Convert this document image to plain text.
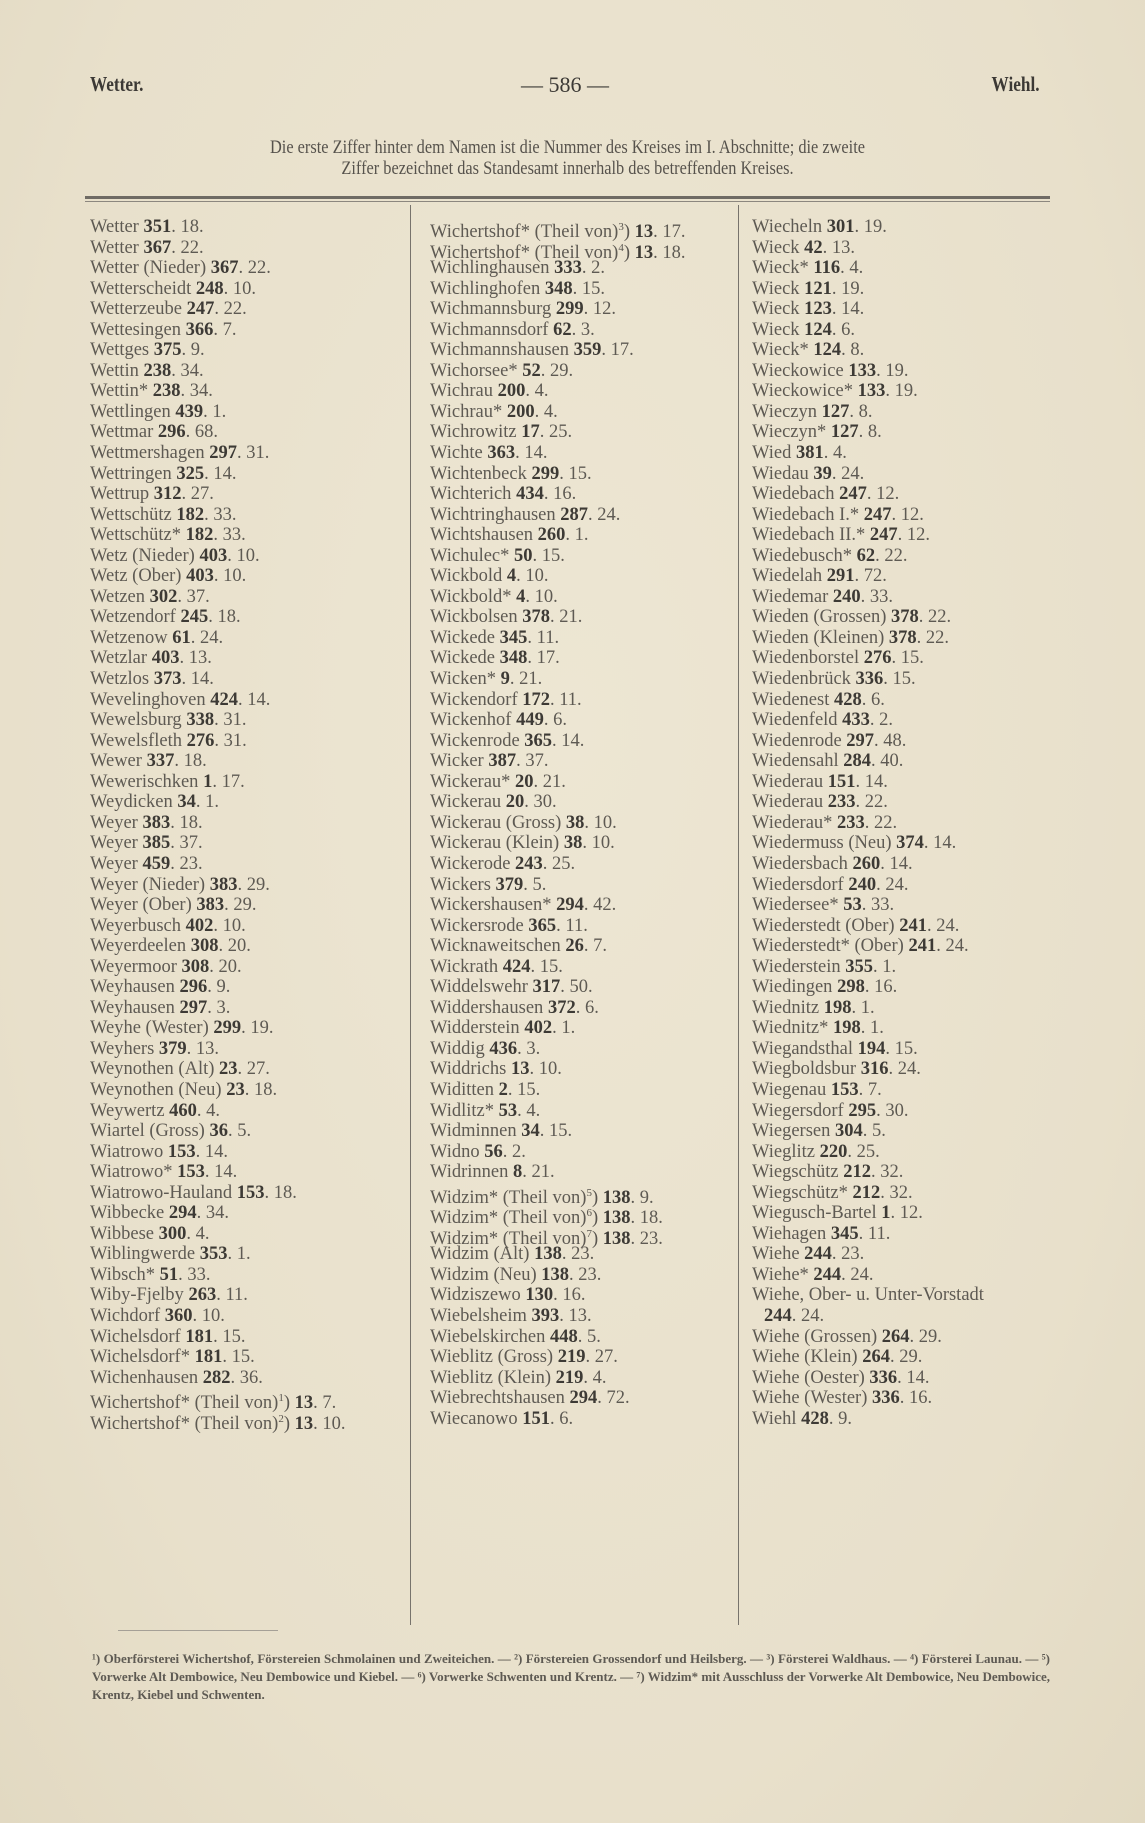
Wetter.	— 586 —	Wiehl.
Die erste Ziffer hinter dem Namen ist die Nummer des Kreises im I. Abschnitte; die zweite
Ziffer bezeichnet das Standesamt innerhalb des betreffenden Kreises.
Wetter 351. 18.
Wetter 367. 22.
Wetter (Nieder) 367. 22.
Wetterscheidt 248. 10.
Wetterzeube 247. 22.
Wettesingen 366. 7.
Wettges 375. 9.
Wettin 238. 34.
Wettin* 238. 34.
Wettlingen 439. 1.
Wettmar 296. 68.
Wettmershagen 297. 31.
Wettringen 325. 14.
Wettrup 312. 27.
Wettschütz 182. 33.
Wettschütz* 182. 33.
Wetz (Nieder) 403. 10.
Wetz (Ober) 403. 10.
Wetzen 302. 37.
Wetzendorf 245. 18.
Wetzenow 61. 24.
Wetzlar 403. 13.
Wetzlos 373. 14.
Wevelinghoven 424. 14.
Wewelsburg 338. 31.
Wewelsfleth 276. 31.
Wewer 337. 18.
Wewerischken 1. 17.
Weydicken 34. 1.
Weyer 383. 18.
Weyer 385. 37.
Weyer 459. 23.
Weyer (Nieder) 383. 29.
Weyer (Ober) 383. 29.
Weyerbusch 402. 10.
Weyerdeelen 308. 20.
Weyermoor 308. 20.
Weyhausen 296. 9.
Weyhausen 297. 3.
Weyhe (Wester) 299. 19.
Weyhers 379. 13.
Weynothen (Alt) 23. 27.
Weynothen (Neu) 23. 18.
Weywertz 460. 4.
Wiartel (Gross) 36. 5.
Wiatrowo 153. 14.
Wiatrowo* 153. 14.
Wiatrowo-Hauland 153. 18.
Wibbecke 294. 34.
Wibbese 300. 4.
Wiblingwerde 353. 1.
Wibsch* 51. 33.
Wiby-Fjelby 263. 11.
Wichdorf 360. 10.
Wichelsdorf 181. 15.
Wichelsdorf* 181. 15.
Wichenhausen 282. 36.
Wichertshof* (Theil von)$^1$) 13. 7.
Wichertshof* (Theil von)$^2$) 13. 10.
Wichertshof* (Theil von)$^3$) 13. 17.
Wichertshof* (Theil von)$^4$) 13. 18.
Wichlinghausen 333. 2.
Wichlinghofen 348. 15.
Wichmannsburg 299. 12.
Wichmannsdorf 62. 3.
Wichmannshausen 359. 17.
Wichorsee* 52. 29.
Wichrau 200. 4.
Wichrau* 200. 4.
Wichrowitz 17. 25.
Wichte 363. 14.
Wichtenbeck 299. 15.
Wichterich 434. 16.
Wichtringhausen 287. 24.
Wichtshausen 260. 1.
Wichulec* 50. 15.
Wickbold 4. 10.
Wickbold* 4. 10.
Wickbolsen 378. 21.
Wickede 345. 11.
Wickede 348. 17.
Wicken* 9. 21.
Wickendorf 172. 11.
Wickenhof 449. 6.
Wickenrode 365. 14.
Wicker 387. 37.
Wickerau* 20. 21.
Wickerau 20. 30.
Wickerau (Gross) 38. 10.
Wickerau (Klein) 38. 10.
Wickerode 243. 25.
Wickers 379. 5.
Wickershausen* 294. 42.
Wickersrode 365. 11.
Wicknaweitschen 26. 7.
Wickrath 424. 15.
Widdelswehr 317. 50.
Widdershausen 372. 6.
Widderstein 402. 1.
Widdig 436. 3.
Widdrichs 13. 10.
Widitten 2. 15.
Widlitz* 53. 4.
Widminnen 34. 15.
Widno 56. 2.
Widrinnen 8. 21.
Widzim* (Theil von)$^5$) 138. 9.
Widzim* (Theil von)$^6$) 138. 18.
Widzim* (Theil von)$^7$) 138. 23.
Widzim (Alt) 138. 23.
Widzim (Neu) 138. 23.
Widziszewo 130. 16.
Wiebelsheim 393. 13.
Wiebelskirchen 448. 5.
Wieblitz (Gross) 219. 27.
Wieblitz (Klein) 219. 4.
Wiebrechtshausen 294. 72.
Wiecanowo 151. 6.
Wiecheln 301. 19.
Wieck 42. 13.
Wieck* 116. 4.
Wieck 121. 19.
Wieck 123. 14.
Wieck 124. 6.
Wieck* 124. 8.
Wieckowice 133. 19.
Wieckowice* 133. 19.
Wieczyn 127. 8.
Wieczyn* 127. 8.
Wied 381. 4.
Wiedau 39. 24.
Wiedebach 247. 12.
Wiedebach I.* 247. 12.
Wiedebach II.* 247. 12.
Wiedebusch* 62. 22.
Wiedelah 291. 72.
Wiedemar 240. 33.
Wieden (Grossen) 378. 22.
Wieden (Kleinen) 378. 22.
Wiedenborstel 276. 15.
Wiedenbrück 336. 15.
Wiedenest 428. 6.
Wiedenfeld 433. 2.
Wiedenrode 297. 48.
Wiedensahl 284. 40.
Wiederau 151. 14.
Wiederau 233. 22.
Wiederau* 233. 22.
Wiedermuss (Neu) 374. 14.
Wiedersbach 260. 14.
Wiedersdorf 240. 24.
Wiedersee* 53. 33.
Wiederstedt (Ober) 241. 24.
Wiederstedt* (Ober) 241. 24.
Wiederstein 355. 1.
Wiedingen 298. 16.
Wiednitz 198. 1.
Wiednitz* 198. 1.
Wiegandsthal 194. 15.
Wiegboldsbur 316. 24.
Wiegenau 153. 7.
Wiegersdorf 295. 30.
Wiegersen 304. 5.
Wieglitz 220. 25.
Wiegschütz 212. 32.
Wiegschütz* 212. 32.
Wiegusch-Bartel 1. 12.
Wiehagen 345. 11.
Wiehe 244. 23.
Wiehe* 244. 24.
Wiehe, Ober- u. Unter-Vorstadt
244. 24.
Wiehe (Grossen) 264. 29.
Wiehe (Klein) 264. 29.
Wiehe (Oester) 336. 14.
Wiehe (Wester) 336. 16.
Wiehl 428. 9.
¹) Oberförsterei Wichertshof, Förstereien Schmolainen und Zweiteichen. — ²) Förstereien Grossendorf und Heilsberg. — ³) Försterei Waldhaus. — ⁴) Försterei Launau. — ⁵) Vorwerke Alt Dembowice, Neu Dembowice und Kiebel. — ⁶) Vorwerke Schwenten und Krentz. — ⁷) Widzim* mit Ausschluss der Vorwerke Alt Dembowice, Neu Dembowice, Krentz, Kiebel und Schwenten.
